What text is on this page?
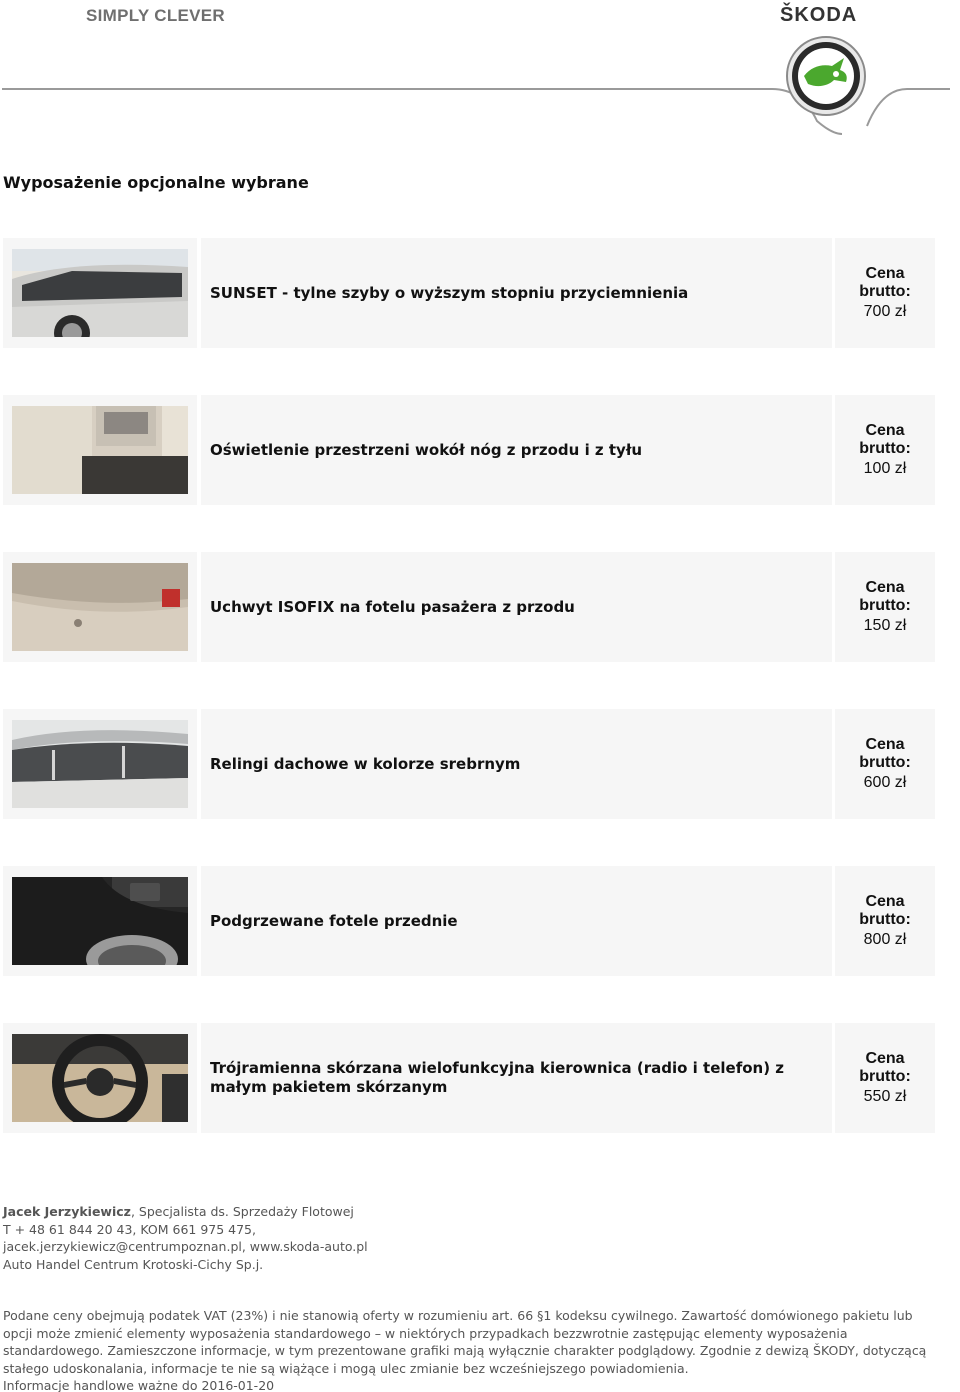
SIMPLY CLEVER	ŠKODA
Wyposażenie opcjonalne wybrane
SUNSET - tylne szyby o wyższym stopniu przyciemnienia
Cena brutto:
700 zł
Oświetlenie przestrzeni wokół nóg z przodu i z tyłu
Cena brutto:
100 zł
Uchwyt ISOFIX na fotelu pasażera z przodu
Cena brutto:
150 zł
Relingi dachowe w kolorze srebrnym
Cena brutto:
600 zł
Podgrzewane fotele przednie
Cena brutto:
800 zł
Trójramienna skórzana wielofunkcyjna kierownica (radio i telefon) z małym pakietem skórzanym
Cena brutto:
550 zł
Jacek Jerzykiewicz, Specjalista ds. Sprzedaży Flotowej
T + 48 61 844 20 43, KOM 661 975 475,
jacek.jerzykiewicz@centrumpoznan.pl, www.skoda-auto.pl
Auto Handel Centrum Krotoski-Cichy Sp.j.
Podane ceny obejmują podatek VAT (23%) i nie stanowią oferty w rozumieniu art. 66 §1 kodeksu cywilnego. Zawartość domówionego pakietu lub opcji może zmienić elementy wyposażenia standardowego – w niektórych przypadkach bezzwrotnie zastępując elementy wyposażenia standardowego. Zamieszczone informacje, w tym prezentowane grafiki mają wyłącznie charakter podglądowy. Zgodnie z dewizą ŠKODY, dotyczącą stałego udoskonalania, informacje te nie są wiążące i mogą ulec zmianie bez wcześniejszego powiadomienia.
Informacje handlowe ważne do 2016-01-20
